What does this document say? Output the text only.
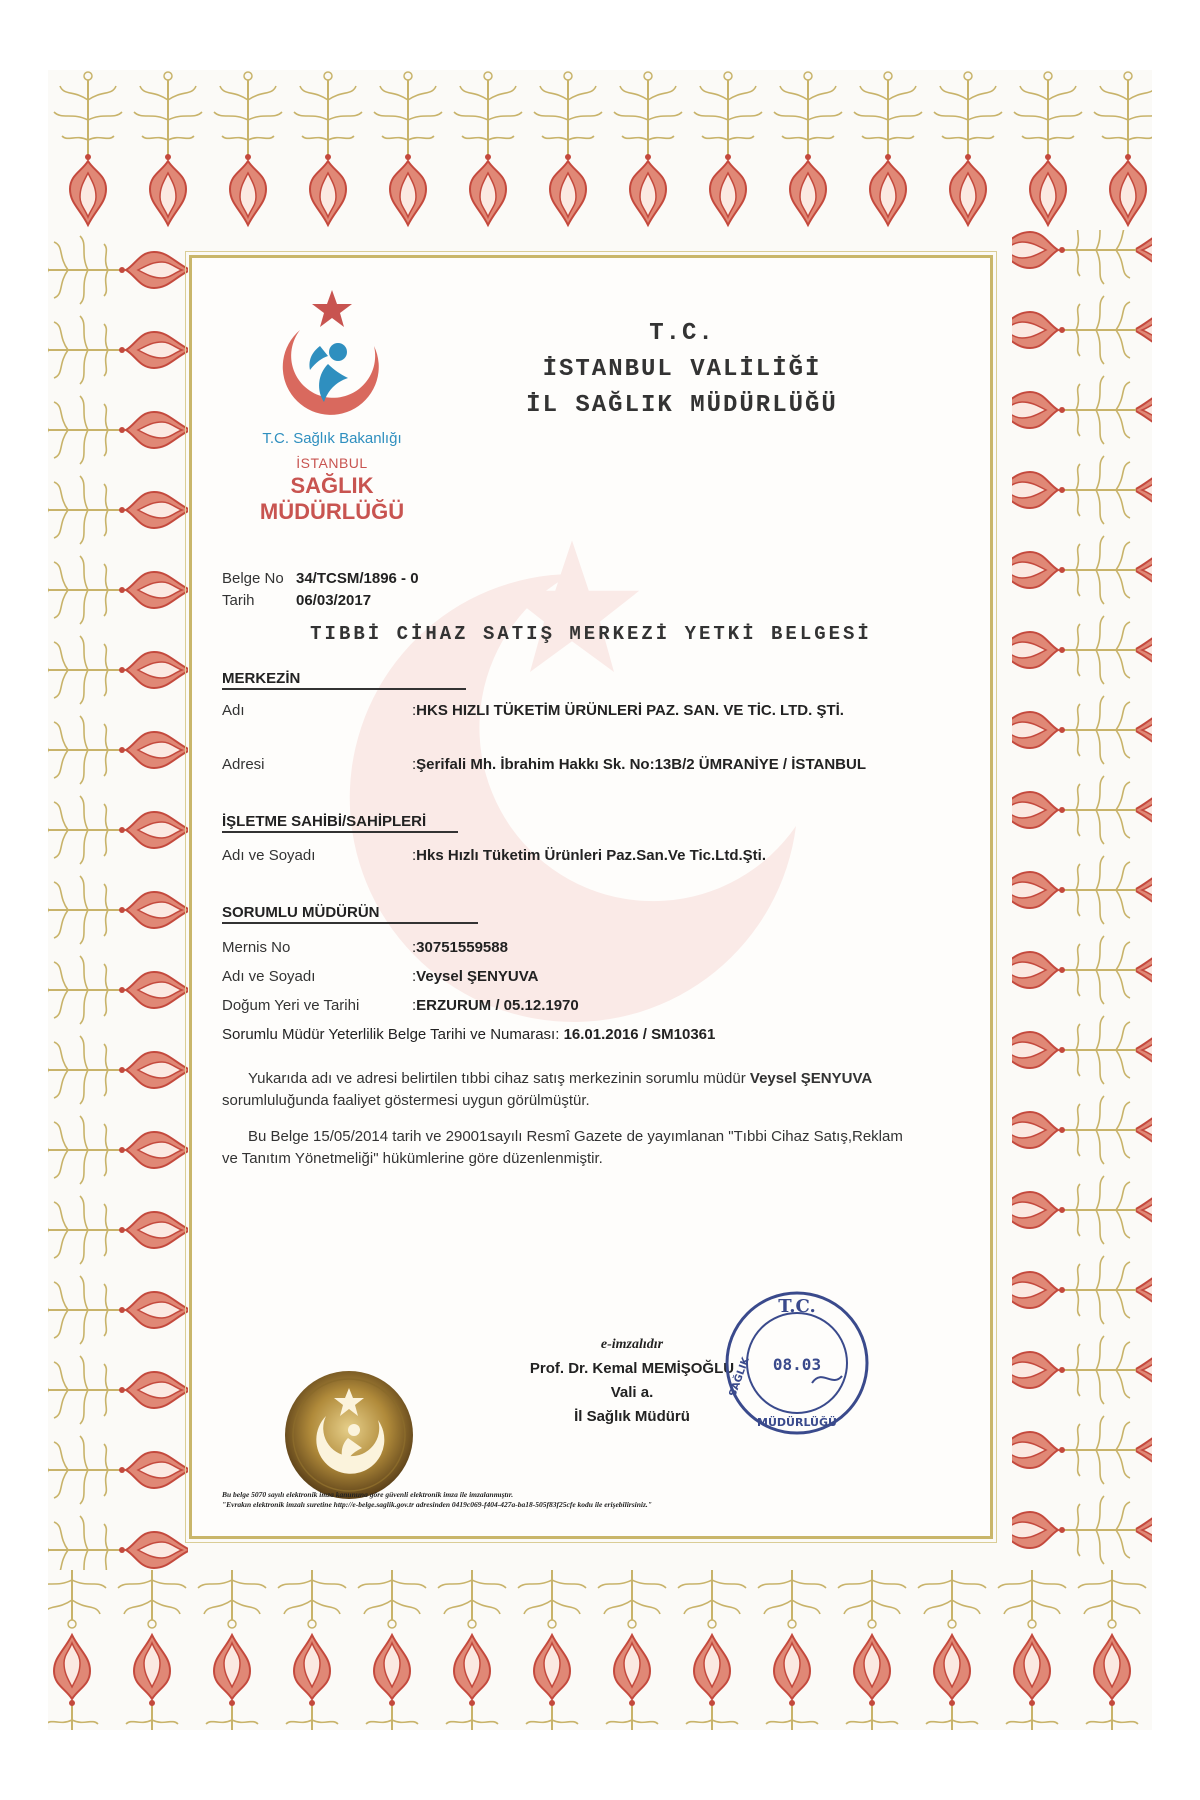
T.C. Sağlık Bakanlığı
İSTANBUL
SAĞLIK
MÜDÜRLÜĞÜ
T.C.
İSTANBUL VALİLİĞİ
İL SAĞLIK MÜDÜRLÜĞÜ
Belge No 34/TCSM/1896 - 0
Tarih	06/03/2017
TIBBİ CİHAZ SATIŞ MERKEZİ YETKİ BELGESİ
MERKEZİN
Adı	: HKS HIZLI TÜKETİM ÜRÜNLERİ PAZ. SAN. VE TİC. LTD. ŞTİ.
Adresi	: Şerifali Mh. İbrahim Hakkı Sk. No:13B/2 ÜMRANİYE / İSTANBUL
İŞLETME SAHİBİ/SAHİPLERİ
Adı ve Soyadı	: Hks Hızlı Tüketim Ürünleri Paz.San.Ve Tic.Ltd.Şti.
SORUMLU MÜDÜRÜN
Mernis No	: 30751559588
Adı ve Soyadı	: Veysel ŞENYUVA
Doğum Yeri ve Tarihi	: ERZURUM / 05.12.1970
Sorumlu Müdür Yeterlilik Belge Tarihi ve Numarası: 16.01.2016 / SM10361
Yukarıda adı ve adresi belirtilen tıbbi cihaz satış merkezinin sorumlu müdür Veysel ŞENYUVA sorumluluğunda faaliyet göstermesi uygun görülmüştür.
Bu Belge 15/05/2014 tarih ve 29001sayılı Resmî Gazete de yayımlanan "Tıbbi Cihaz Satış,Reklam ve Tanıtım Yönetmeliği" hükümlerine göre düzenlenmiştir.
e-imzalıdır
Prof. Dr. Kemal MEMİŞOĞLU
Vali a.
İl Sağlık Müdürü
T.C.
SAĞLIK
MÜDÜRLÜĞÜ
08.03
Bu belge 5070 sayılı elektronik imza kanununa göre güvenli elektronik imza ile imzalanmıştır.
"Evrakın elektronik imzalı suretine http://e-belge.saglik.gov.tr adresinden 0419c069-f404-427a-ba18-505f83f25cfe kodu ile erişebilirsiniz."
